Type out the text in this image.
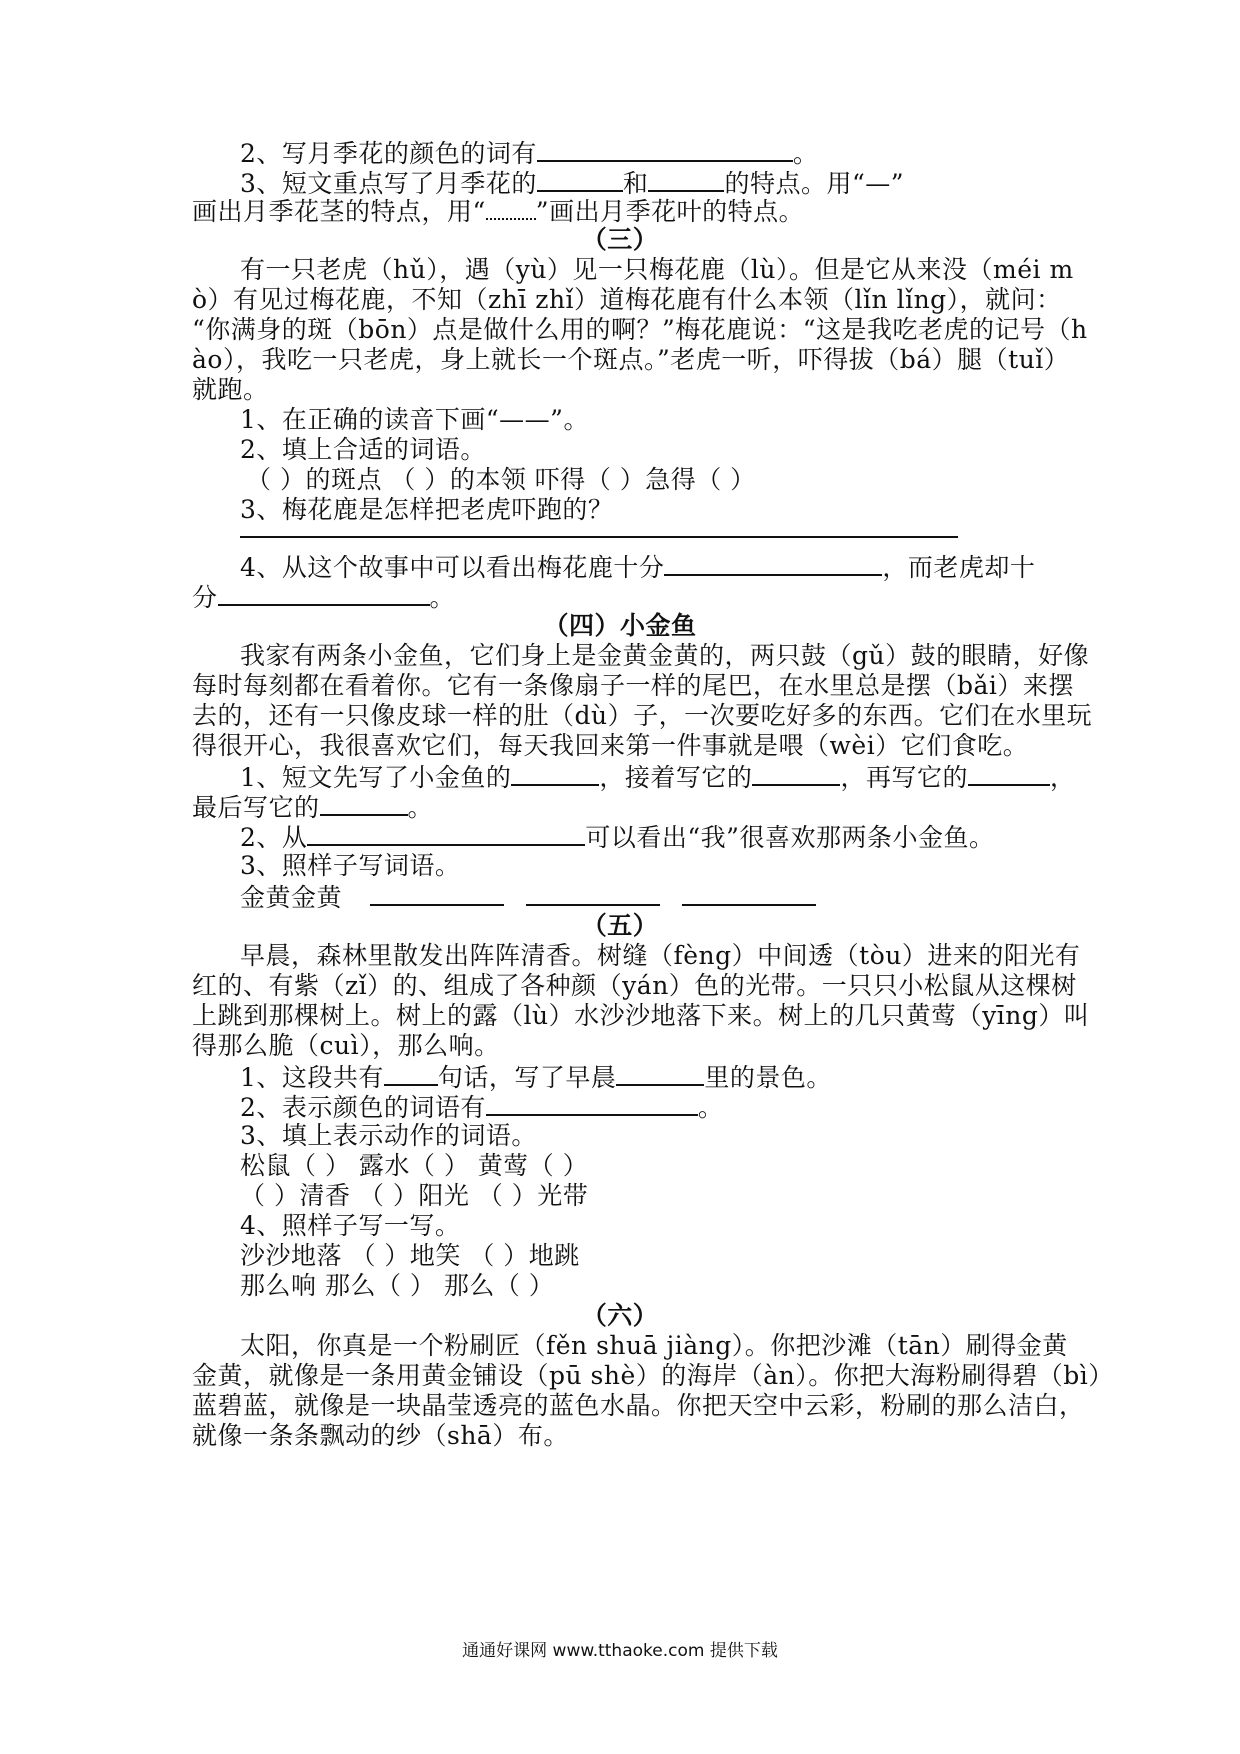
2、写月季花的颜色的词有	。
3、短文重点写了月季花的	和	的特点。用“—”
画出月季花茎的特点，用“ ”画出月季花叶的特点。
（三）
有一只老虎（hǔ），遇（yù）见一只梅花鹿（lù）。但是它从来没（méi m
ò）有见过梅花鹿，不知（zhī zhǐ）道梅花鹿有什么本领（lǐn lǐng），就问：
“你满身的斑（bōn）点是做什么用的啊？”梅花鹿说：“这是我吃老虎的记号（h
ào），我吃一只老虎，身上就长一个斑点。”老虎一听，吓得拔（bá）腿（tuǐ）
就跑。
1、在正确的读音下画“——”。
2、填上合适的词语。
（ ）的斑点 （ ）的本领 吓得（ ）急得（ ）
3、梅花鹿是怎样把老虎吓跑的？
4、从这个故事中可以看出梅花鹿十分	，而老虎却十
分	。
（四）小金鱼
我家有两条小金鱼，它们身上是金黄金黄的，两只鼓（gǔ）鼓的眼睛，好像
每时每刻都在看着你。它有一条像扇子一样的尾巴，在水里总是摆（bǎi）来摆
去的，还有一只像皮球一样的肚（dù）子，一次要吃好多的东西。它们在水里玩
得很开心，我很喜欢它们，每天我回来第一件事就是喂（wèi）它们食吃。
1、短文先写了小金鱼的	，接着写它的	，再写它的	，
最后写它的	。
2、从	可以看出“我”很喜欢那两条小金鱼。
3、照样子写词语。
金黄金黄
（五）
早晨，森林里散发出阵阵清香。树缝（fèng）中间透（tòu）进来的阳光有
红的、有紫（zǐ）的、组成了各种颜（yán）色的光带。一只只小松鼠从这棵树
上跳到那棵树上。树上的露（lù）水沙沙地落下来。树上的几只黄莺（yīng）叫
得那么脆（cuì），那么响。
1、这段共有 句话，写了早晨	里的景色。
2、表示颜色的词语有	。
3、填上表示动作的词语。
松鼠（ ） 露水（ ） 黄莺（ ）
（ ）清香 （ ）阳光 （ ）光带
4、照样子写一写。
沙沙地落 （ ）地笑 （ ）地跳
那么响 那么（ ） 那么（ ）
（六）
太阳，你真是一个粉刷匠（fěn shuā jiàng）。你把沙滩（tān）刷得金黄
金黄，就像是一条用黄金铺设（pū shè）的海岸（àn）。你把大海粉刷得碧（bì）
蓝碧蓝，就像是一块晶莹透亮的蓝色水晶。你把天空中云彩，粉刷的那么洁白，
就像一条条飘动的纱（shā）布。
通通好课网 www.tthaoke.com 提供下载
